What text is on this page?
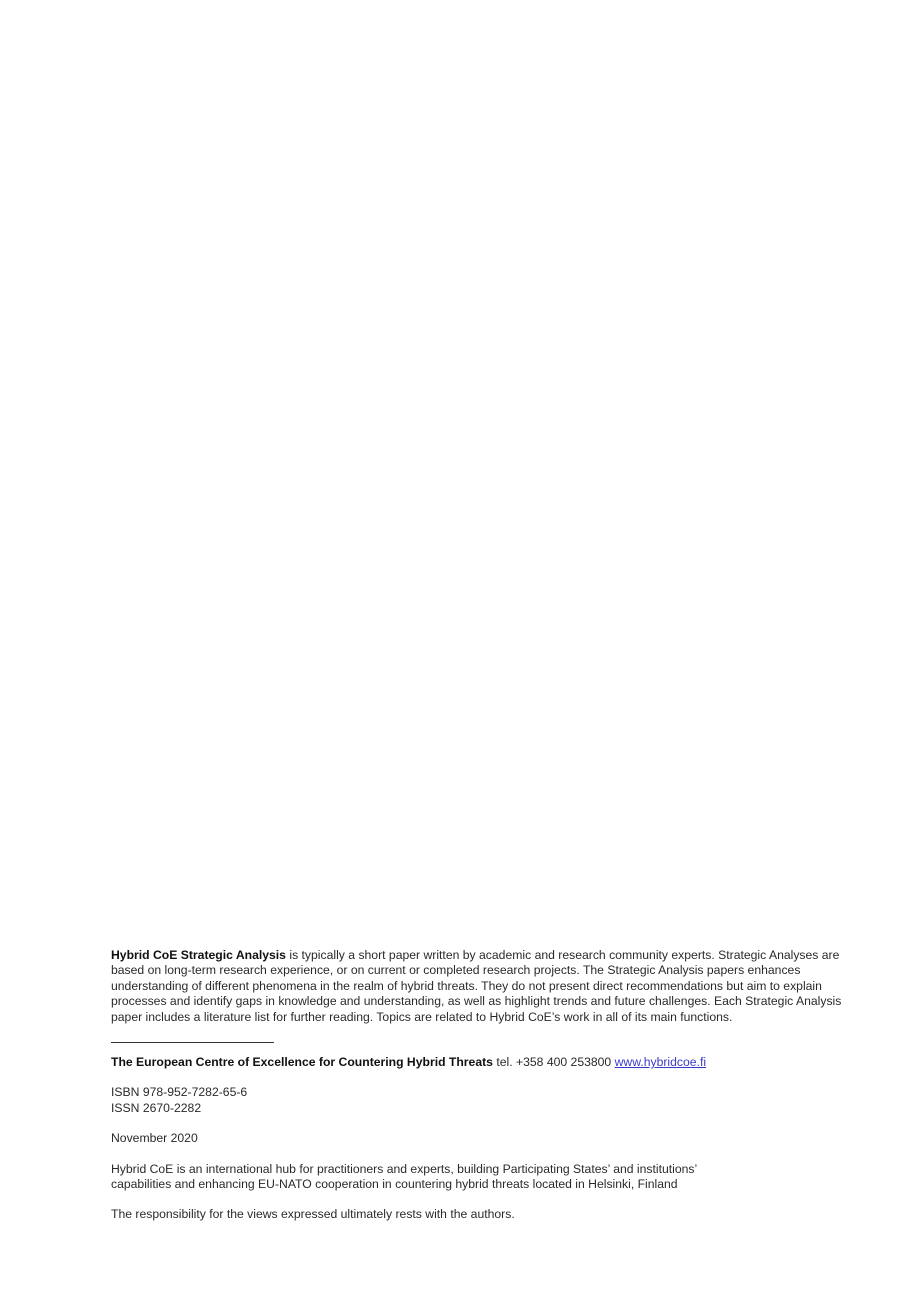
Hybrid CoE Strategic Analysis is typically a short paper written by academic and research community experts. Strategic Analyses are based on long-term research experience, or on current or completed research projects. The Strategic Analysis papers enhances understanding of different phenomena in the realm of hybrid threats. They do not present direct recommendations but aim to explain processes and identify gaps in knowledge and understanding, as well as highlight trends and future challenges. Each Strategic Analysis paper includes a literature list for further reading. Topics are related to Hybrid CoE’s work in all of its main functions.

The European Centre of Excellence for Countering Hybrid Threats tel. +358 400 253800 www.hybridcoe.fi

ISBN 978-952-7282-65-6

ISSN 2670-2282

November 2020

Hybrid CoE is an international hub for practitioners and experts, building Participating States’ and institutions’

capabilities and enhancing EU-NATO cooperation in countering hybrid threats located in Helsinki, Finland

The responsibility for the views expressed ultimately rests with the authors.
